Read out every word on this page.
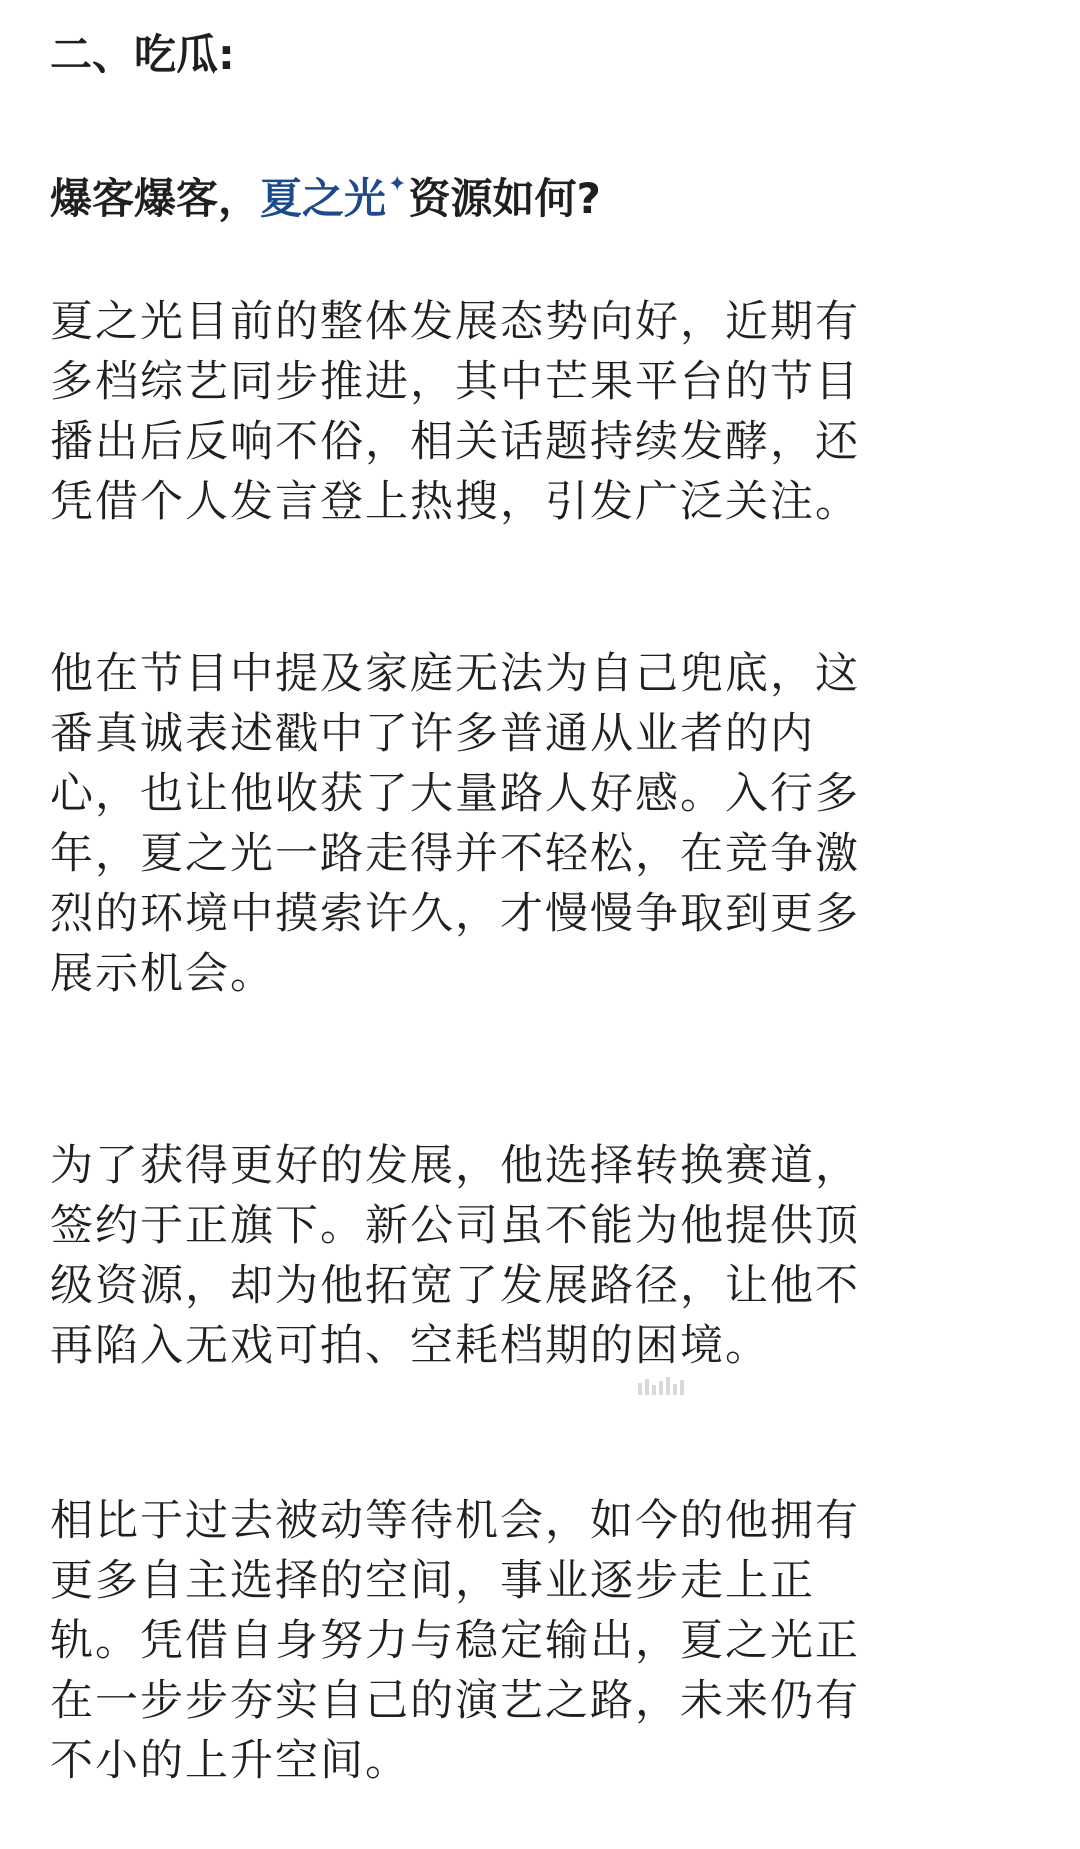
二、吃瓜:
爆客爆客，夏之光✦资源如何?

夏之光目前的整体发展态势向好，近期有
多档综艺同步推进，其中芒果平台的节目
播出后反响不俗，相关话题持续发酵，还
凭借个人发言登上热搜，引发广泛关注。

他在节目中提及家庭无法为自己兜底，这
番真诚表述戳中了许多普通从业者的内
心，也让他收获了大量路人好感。入行多
年，夏之光一路走得并不轻松，在竞争激
烈的环境中摸索许久，才慢慢争取到更多
展示机会。

为了获得更好的发展，他选择转换赛道，
签约于正旗下。新公司虽不能为他提供顶
级资源，却为他拓宽了发展路径，让他不
再陷入无戏可拍、空耗档期的困境。

相比于过去被动等待机会，如今的他拥有
更多自主选择的空间，事业逐步走上正
轨。凭借自身努力与稳定输出，夏之光正
在一步步夯实自己的演艺之路，未来仍有
不小的上升空间。
